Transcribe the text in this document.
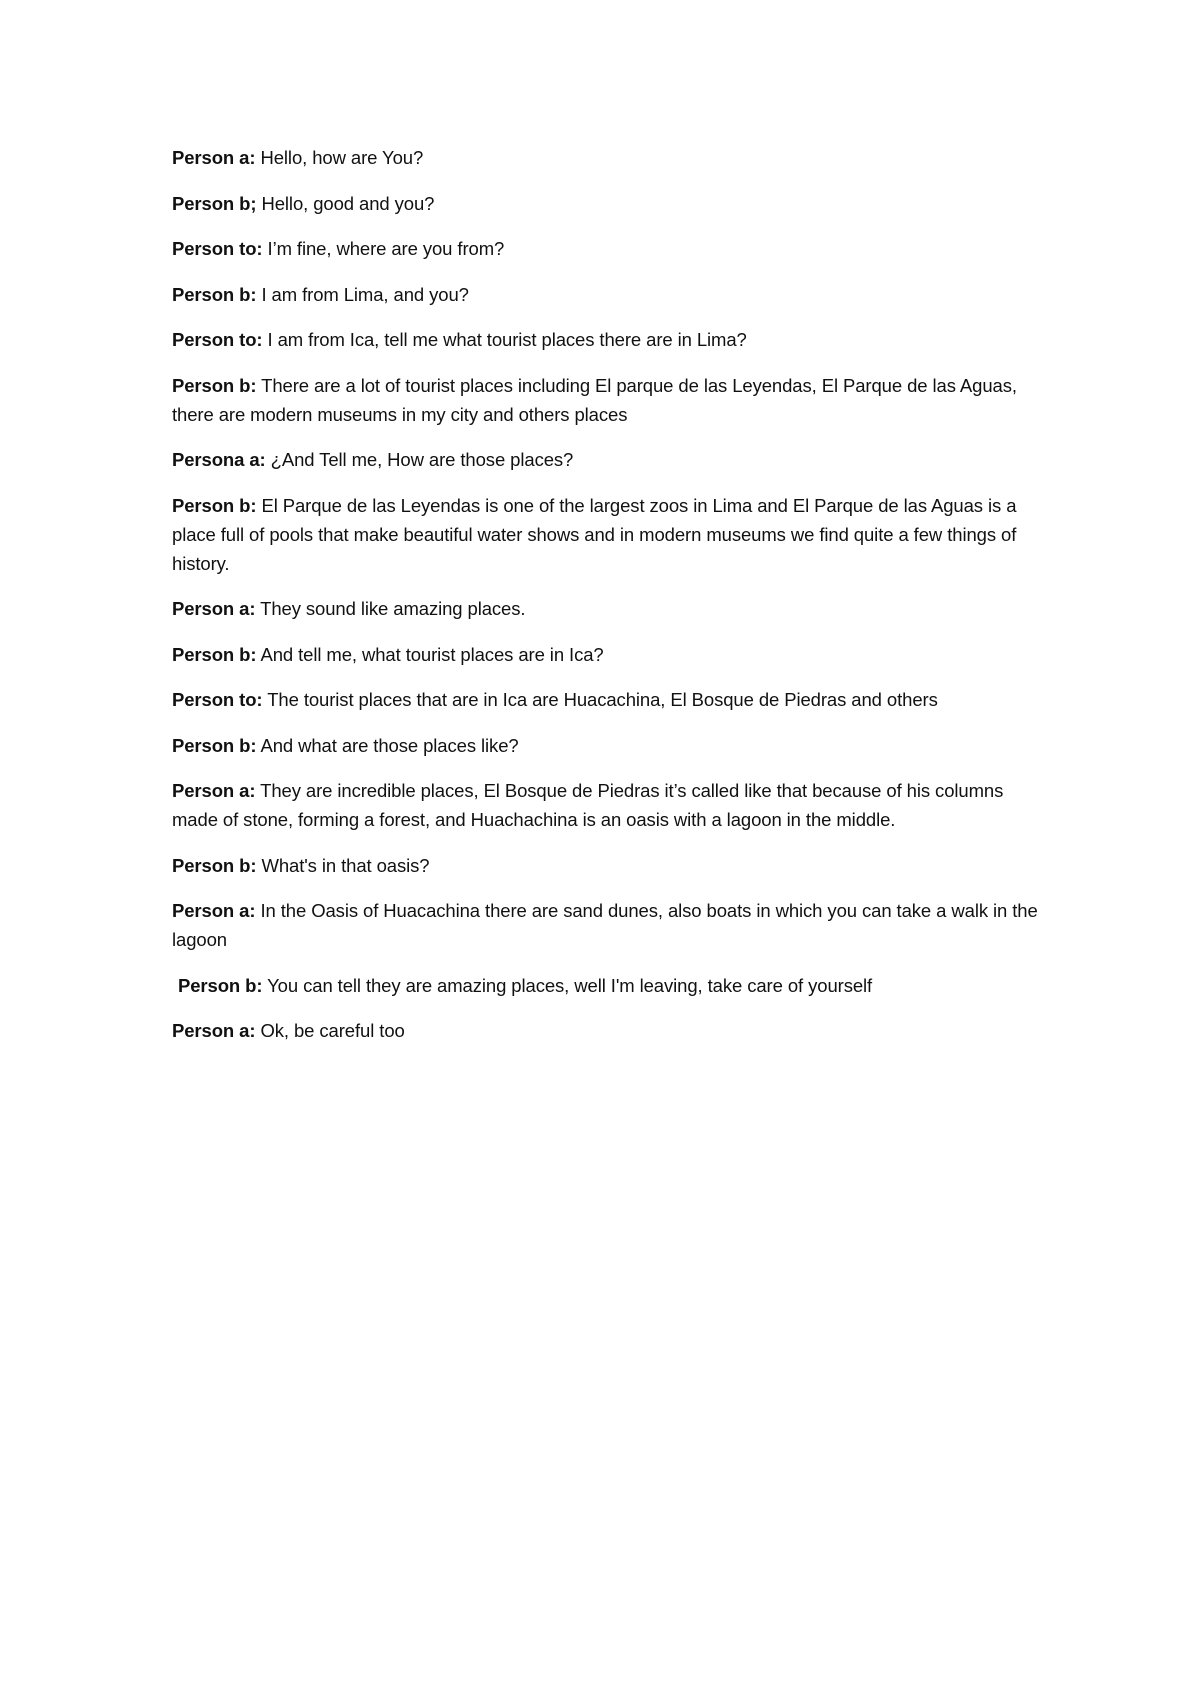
Person a: Hello, how are You?

Person b; Hello, good and you?

Person to: I’m fine, where are you from?

Person b: I am from Lima, and you?

Person to: I am from Ica, tell me what tourist places there are in Lima?

Person b: There are a lot of tourist places including El parque de las Leyendas, El Parque de las Aguas, there are modern museums in my city and others places

Persona a: ¿And Tell me, How are those places?

Person b: El Parque de las Leyendas is one of the largest zoos in Lima and El Parque de las Aguas is a place full of pools that make beautiful water shows and in modern museums we find quite a few things of history.

Person a: They sound like amazing places.

Person b: And tell me, what tourist places are in Ica?

Person to: The tourist places that are in Ica are Huacachina, El Bosque de Piedras and others

Person b: And what are those places like?

Person a: They are incredible places, El Bosque de Piedras it’s called like that because of his columns made of stone, forming a forest, and Huachachina is an oasis with a lagoon in the middle.

Person b: What's in that oasis?

Person a: In the Oasis of Huacachina there are sand dunes, also boats in which you can take a walk in the lagoon

Person b: You can tell they are amazing places, well I'm leaving, take care of yourself

Person a: Ok, be careful too
